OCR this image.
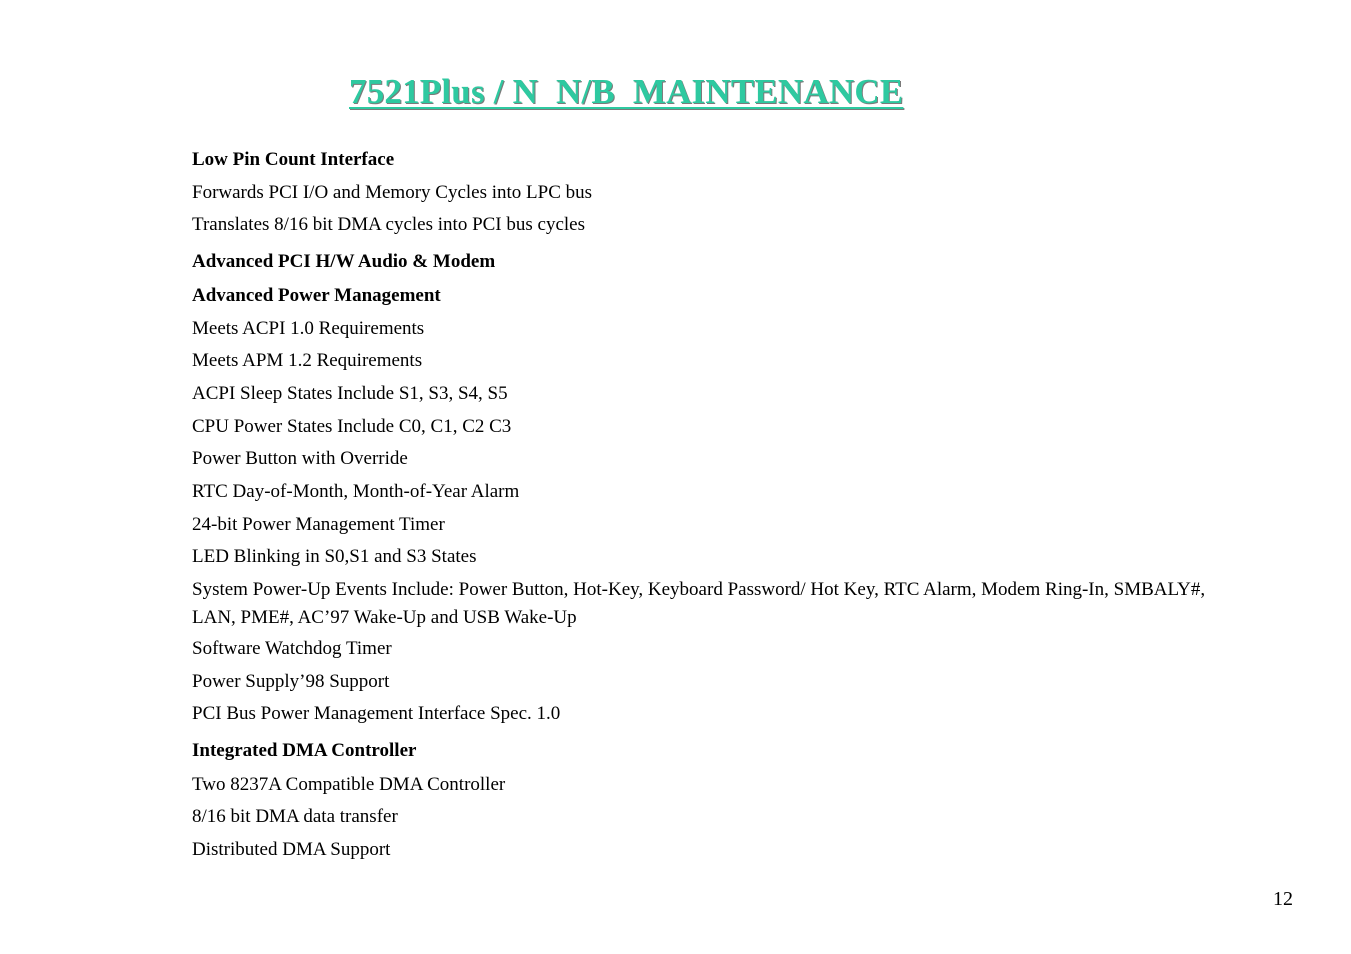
7521Plus / N  N/B  MAINTENANCE

Low Pin Count Interface

Forwards PCI I/O and Memory Cycles into LPC bus

Translates 8/16 bit DMA cycles into PCI bus cycles

Advanced PCI H/W Audio & Modem

Advanced Power Management

Meets ACPI 1.0 Requirements

Meets APM 1.2 Requirements

ACPI Sleep States Include S1, S3, S4, S5

CPU Power States Include C0, C1, C2 C3

Power Button with Override

RTC Day-of-Month, Month-of-Year Alarm

24-bit Power Management Timer

LED Blinking in S0,S1 and S3 States

System Power-Up Events Include: Power Button, Hot-Key, Keyboard Password/ Hot Key, RTC Alarm, Modem Ring-In, SMBALY#, LAN, PME#, AC’97 Wake-Up and USB Wake-Up

Software Watchdog Timer

Power Supply’98 Support

PCI Bus Power Management Interface Spec. 1.0

Integrated DMA Controller

Two 8237A Compatible DMA Controller

8/16 bit DMA data transfer

Distributed DMA Support

12
